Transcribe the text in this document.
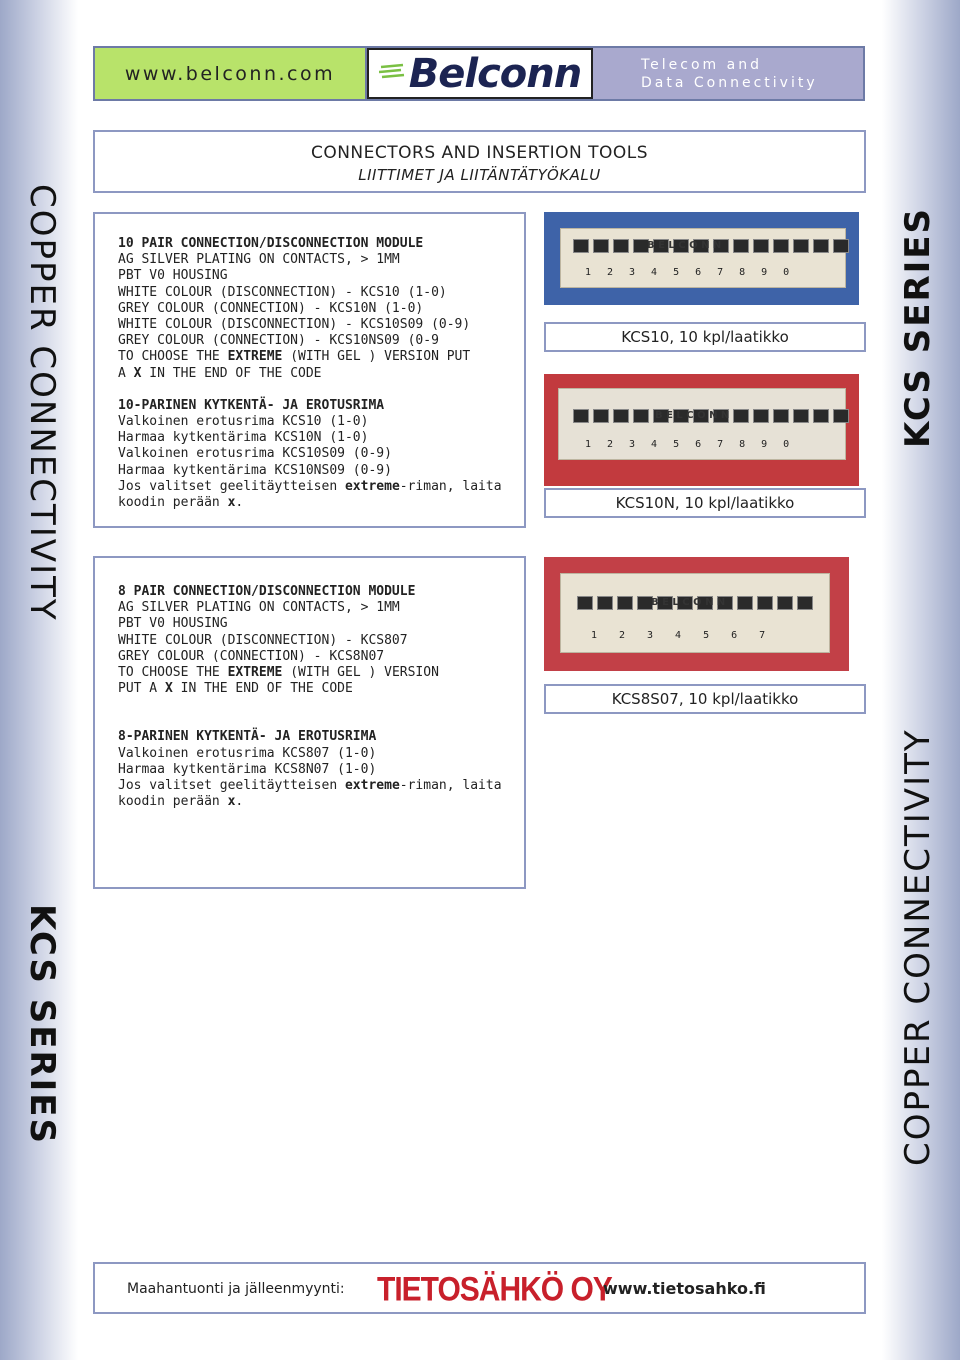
COPPER CONNECTIVITY
KCS SERIES
KCS SERIES
COPPER CONNECTIVITY
www.belconn.com	Belconn	Telecom and
Data Connectivity
CONNECTORS AND INSERTION TOOLS
LIITTIMET JA LIITÄNTÄTYÖKALU

10 PAIR CONNECTION/DISCONNECTION MODULE

AG SILVER PLATING ON CONTACTS, > 1MM

PBT V0 HOUSING

WHITE COLOUR (DISCONNECTION) - KCS10 (1-0)

GREY COLOUR (CONNECTION) - KCS10N (1-0)

WHITE COLOUR (DISCONNECTION) - KCS10S09 (0-9)

GREY COLOUR (CONNECTION) - KCS10NS09 (0-9

TO CHOOSE THE EXTREME (WITH GEL ) VERSION PUT

A X IN THE END OF THE CODE

10-PARINEN KYTKENTÄ- JA EROTUSRIMA

Valkoinen erotusrima KCS10 (1-0)

Harmaa kytkentärima KCS10N (1-0)

Valkoinen erotusrima KCS10S09 (0-9)

Harmaa kytkentärima KCS10NS09 (0-9)

Jos valitset geelitäytteisen extreme-riman, laita

koodin perään x.

8 PAIR CONNECTION/DISCONNECTION MODULE

AG SILVER PLATING ON CONTACTS, > 1MM

PBT V0 HOUSING

WHITE COLOUR (DISCONNECTION) - KCS807

GREY COLOUR (CONNECTION) - KCS8N07

TO CHOOSE THE EXTREME (WITH GEL ) VERSION

PUT A X IN THE END OF THE CODE

8-PARINEN KYTKENTÄ- JA EROTUSRIMA

Valkoinen erotusrima KCS807 (1-0)

Harmaa kytkentärima KCS8N07 (1-0)

Jos valitset geelitäytteisen extreme-riman, laita

koodin perään x.

B E L C O N N
1234567890
KCS10, 10 kpl/laatikko
B E L C O N N
1234567890
KCS10N, 10 kpl/laatikko
B E L C O N N
1234567
KCS8S07, 10 kpl/laatikko
Maahantuonti ja jälleenmyynti: TIETOSÄHKÖ OY
www.tietosahko.fi
